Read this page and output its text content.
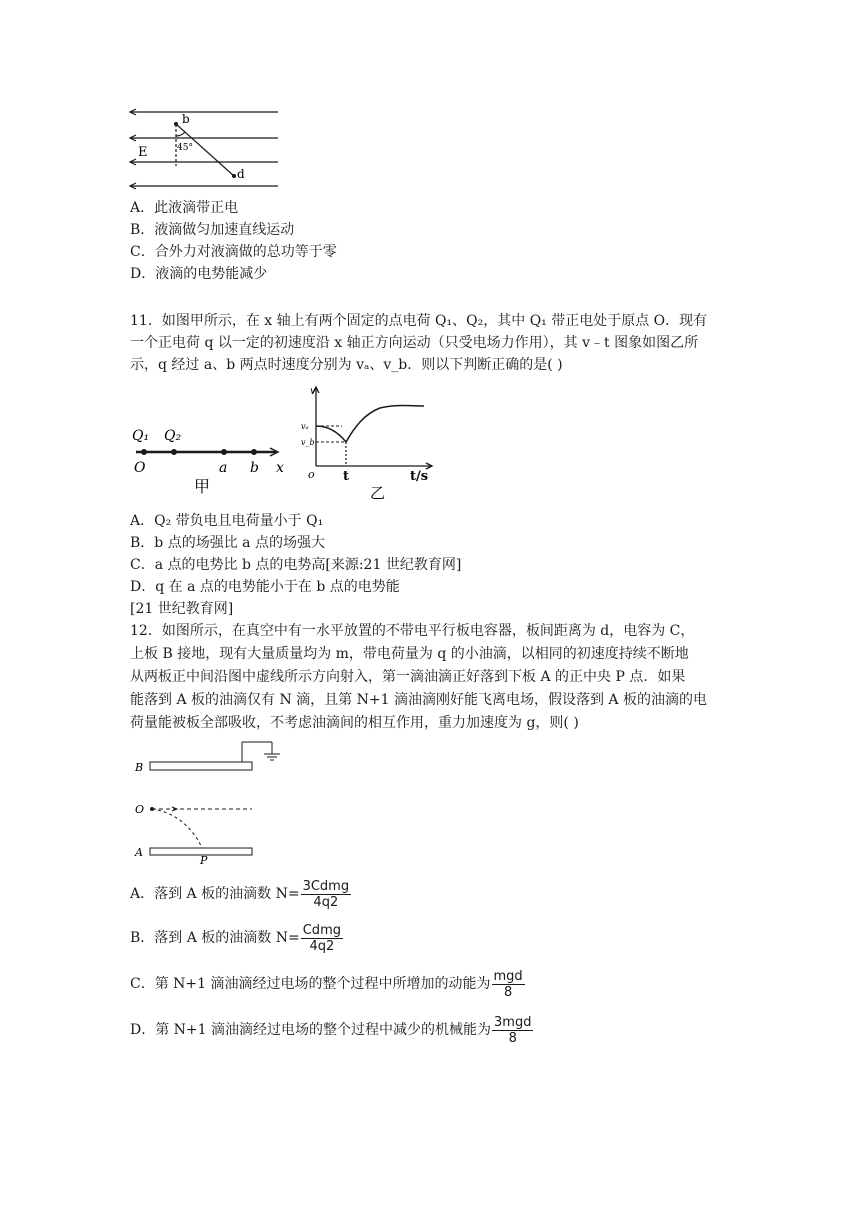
b
d
E	45°
A．此液滴带正电
B．液滴做匀加速直线运动
C．合外力对液滴做的总功等于零
D．液滴的电势能减少
11．如图甲所示，在 x 轴上有两个固定的点电荷 Q₁、Q₂，其中 Q₁ 带正电处于原点 O．现有
一个正电荷 q 以一定的初速度沿 x 轴正方向运动（只受电场力作用），其 v﹣t 图象如图乙所
示，q 经过 a、b 两点时速度分别为 vₐ、v_b．则以下判断正确的是( )
Q₁ Q₂
O	a b x
甲
v
vₐ
v_b
o t	t/s
乙
A．Q₂ 带负电且电荷量小于 Q₁
B．b 点的场强比 a 点的场强大
C．a 点的电势比 b 点的电势高[来源:21 世纪教育网]
D．q 在 a 点的电势能小于在 b 点的电势能
[21 世纪教育网]
12．如图所示，在真空中有一水平放置的不带电平行板电容器，板间距离为 d，电容为 C，
上板 B 接地，现有大量质量均为 m，带电荷量为 q 的小油滴，以相同的初速度持续不断地
从两板正中间沿图中虚线所示方向射入，第一滴油滴正好落到下板 A 的正中央 P 点．如果
能落到 A 板的油滴仅有 N 滴，且第 N+1 滴油滴刚好能飞离电场，假设落到 A 板的油滴的电
荷量能被板全部吸收，不考虑油滴间的相互作用，重力加速度为 g，则( )
B
O
A
P
A．落到 A 板的油滴数 $N= \frac{\text{3Cdmg}}{4q2}$
B．落到 A 板的油滴数 $N= \frac{\text{Cdmg}}{4q2}$
C．第 N+1 滴油滴经过电场的整个过程中所增加的动能为 $\frac{\text{mgd}}{8}$
D．第 N+1 滴油滴经过电场的整个过程中减少的机械能为 $\frac{\text{3mgd}}{8}$
